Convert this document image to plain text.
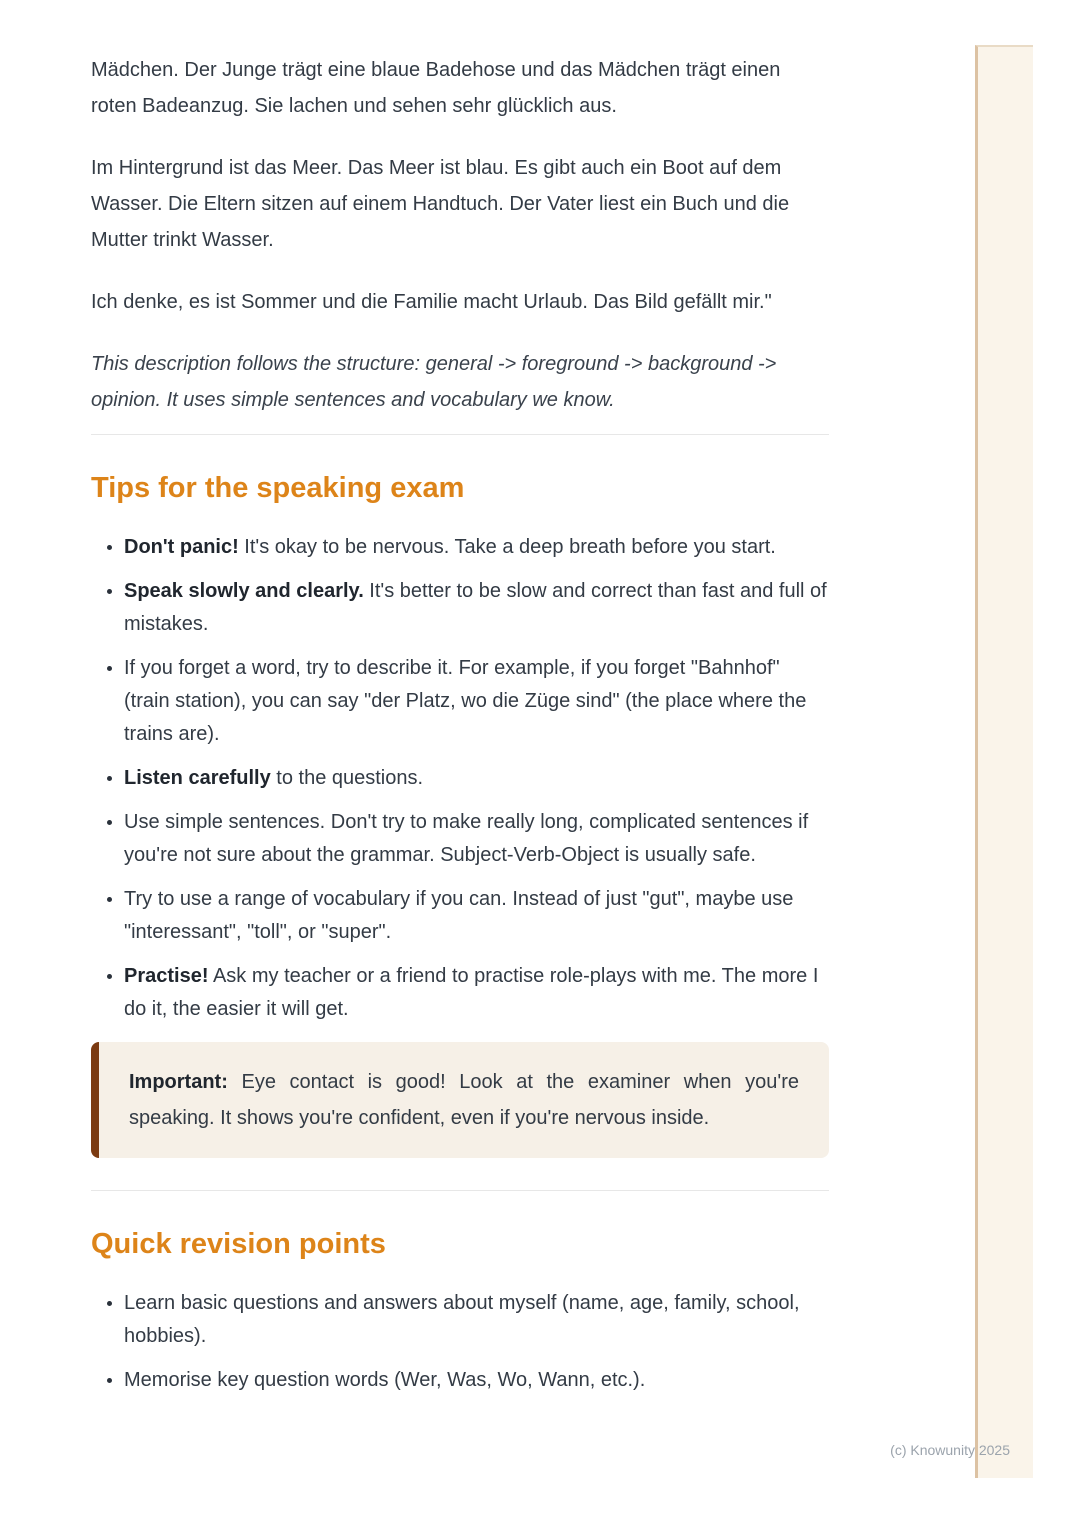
Mädchen. Der Junge trägt eine blaue Badehose und das Mädchen trägt einen roten Badeanzug. Sie lachen und sehen sehr glücklich aus.

Im Hintergrund ist das Meer. Das Meer ist blau. Es gibt auch ein Boot auf dem Wasser. Die Eltern sitzen auf einem Handtuch. Der Vater liest ein Buch und die Mutter trinkt Wasser.

Ich denke, es ist Sommer und die Familie macht Urlaub. Das Bild gefällt mir."

This description follows the structure: general -> foreground -> background -> opinion. It uses simple sentences and vocabulary we know.

Tips for the speaking exam
• Don't panic! It's okay to be nervous. Take a deep breath before you start.
• Speak slowly and clearly. It's better to be slow and correct than fast and full of mistakes.
• If you forget a word, try to describe it. For example, if you forget "Bahnhof" (train station), you can say "der Platz, wo die Züge sind" (the place where the trains are).
• Listen carefully to the questions.
• Use simple sentences. Don't try to make really long, complicated sentences if you're not sure about the grammar. Subject-Verb-Object is usually safe.
• Try to use a range of vocabulary if you can. Instead of just "gut", maybe use "interessant", "toll", or "super".
• Practise! Ask my teacher or a friend to practise role-plays with me. The more I do it, the easier it will get.

Important: Eye contact is good! Look at the examiner when you're speaking. It shows you're confident, even if you're nervous inside.

Quick revision points
• Learn basic questions and answers about myself (name, age, family, school, hobbies).
• Memorise key question words (Wer, Was, Wo, Wann, etc.).
(c) Knowunity 2025
